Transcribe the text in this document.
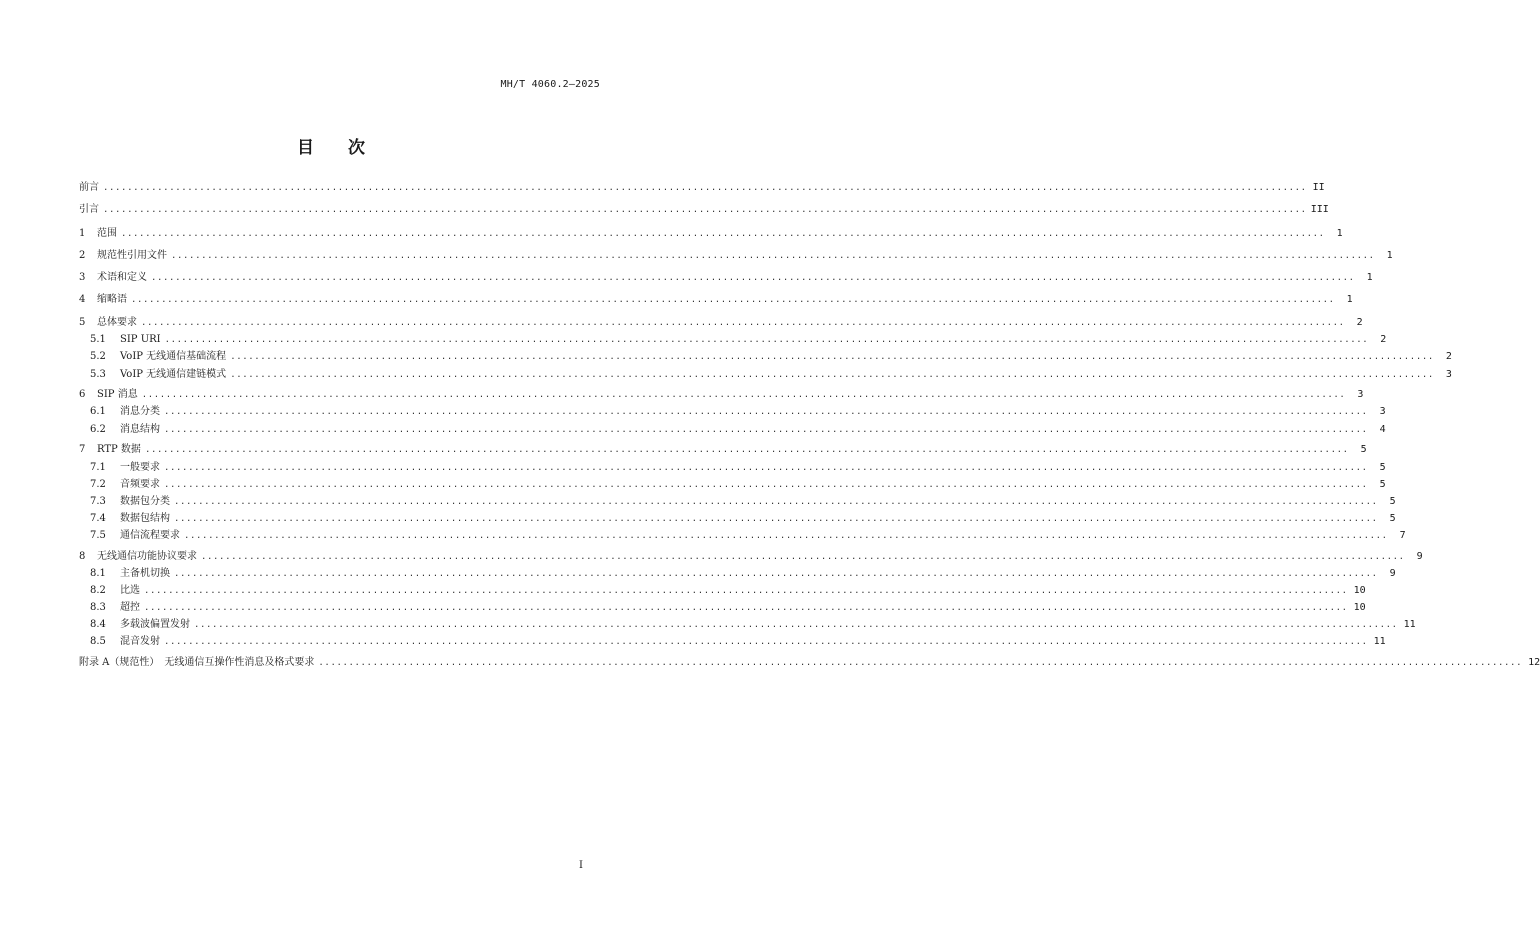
MH/T 4060.2—2025
目　　次
前言 ........................................................................................................................................................................................................ II
引言 ........................................................................................................................................................................................................ III
1	范围 ........................................................................................................................................................................................................	1
2	规范性引用文件 ........................................................................................................................................................................................................	1
3	术语和定义 ........................................................................................................................................................................................................	1
4	缩略语 ........................................................................................................................................................................................................	1
5	总体要求 ........................................................................................................................................................................................................	2
5.1	SIP URI ........................................................................................................................................................................................................	2
5.2	VoIP 无线通信基础流程 ........................................................................................................................................................................................................	2
5.3	VoIP 无线通信建链模式 ........................................................................................................................................................................................................	3
6	SIP 消息 ........................................................................................................................................................................................................	3
6.1	消息分类 ........................................................................................................................................................................................................	3
6.2	消息结构 ........................................................................................................................................................................................................	4
7	RTP 数据 ........................................................................................................................................................................................................	5
7.1	一般要求 ........................................................................................................................................................................................................	5
7.2	音频要求 ........................................................................................................................................................................................................	5
7.3	数据包分类 ........................................................................................................................................................................................................	5
7.4	数据包结构 ........................................................................................................................................................................................................	5
7.5	通信流程要求 ........................................................................................................................................................................................................	7
8	无线通信功能协议要求 ........................................................................................................................................................................................................	9
8.1	主备机切换 ........................................................................................................................................................................................................	9
8.2	比选 ........................................................................................................................................................................................................ 10
8.3	超控 ........................................................................................................................................................................................................ 10
8.4	多载波偏置发射 ........................................................................................................................................................................................................ 11
8.5	混音发射 ........................................................................................................................................................................................................ 11
附录 A（规范性）　无线通信互操作性消息及格式要求 ........................................................................................................................................................................................................ 12
I
